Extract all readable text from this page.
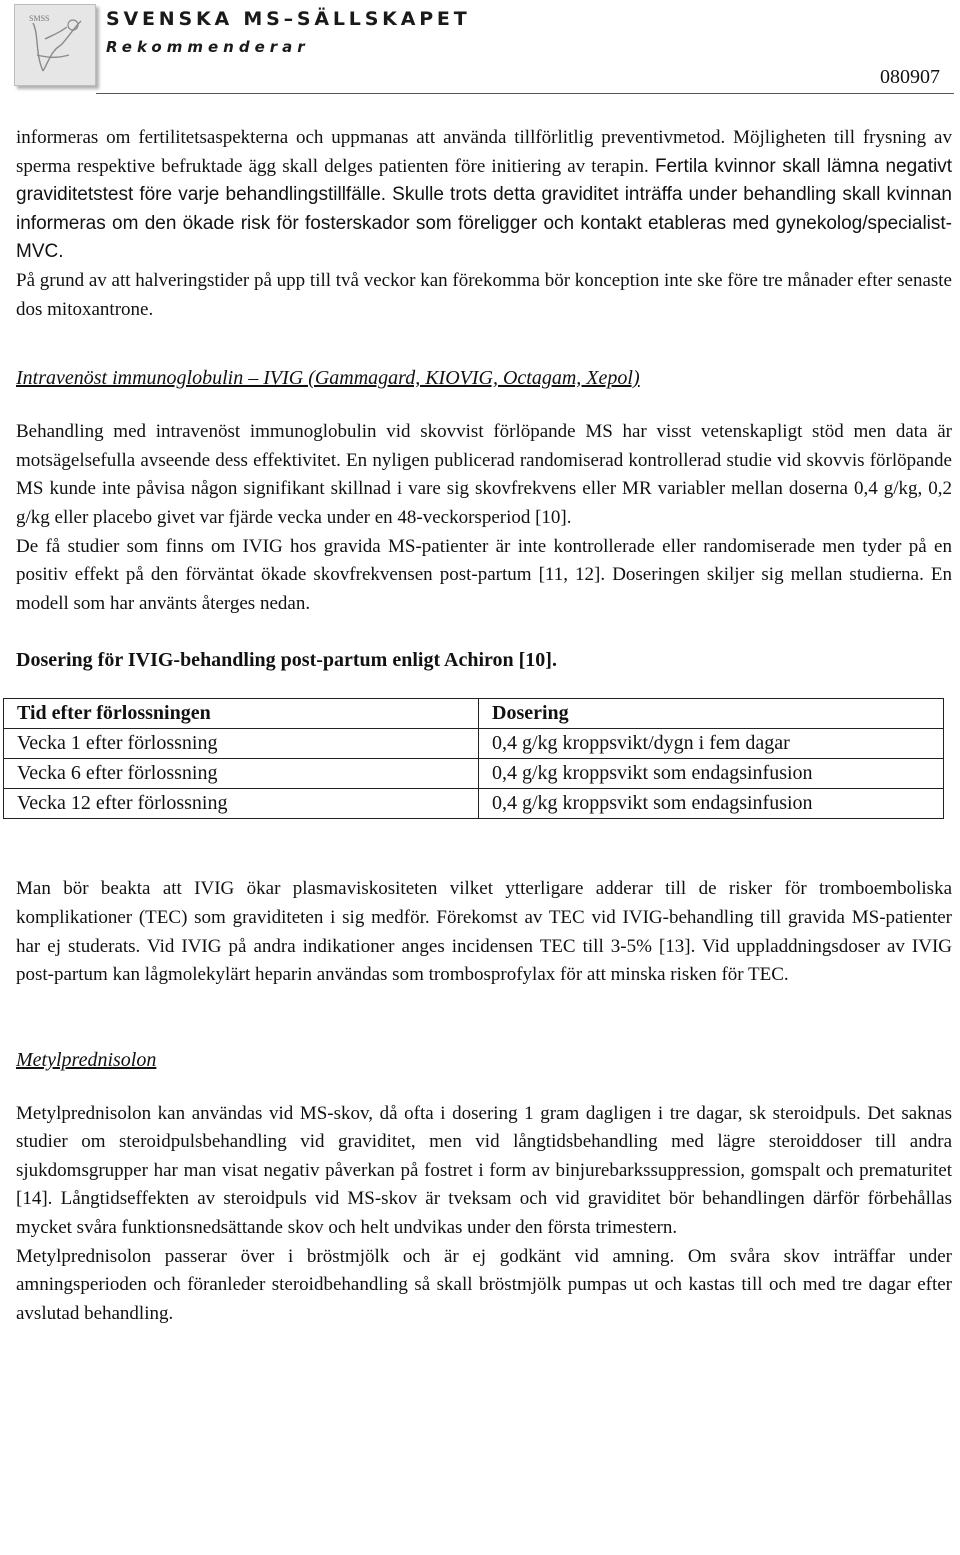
SMSS	SVENSKA MS–SÄLLSKAPET
Rekommenderar
080907

informeras om fertilitetsaspekterna och uppmanas att använda tillförlitlig preventivmetod. Möjligheten till frysning av sperma respektive befruktade ägg skall delges patienten före initiering av terapin. Fertila kvinnor skall lämna negativt graviditetstest före varje behandlingstillfälle. Skulle trots detta graviditet inträffa under behandling skall kvinnan informeras om den ökade risk för fosterskador som föreligger och kontakt etableras med gynekolog/specialist-MVC.

På grund av att halveringstider på upp till två veckor kan förekomma bör konception inte ske före tre månader efter senaste dos mitoxantrone.

Intravenöst immunoglobulin – IVIG (Gammagard, KIOVIG, Octagam, Xepol)

Behandling med intravenöst immunoglobulin vid skovvist förlöpande MS har visst vetenskapligt stöd men data är motsägelsefulla avseende dess effektivitet. En nyligen publicerad randomiserad kontrollerad studie vid skovvis förlöpande MS kunde inte påvisa någon signifikant skillnad i vare sig skovfrekvens eller MR variabler mellan doserna 0,4 g/kg, 0,2 g/kg eller placebo givet var fjärde vecka under en 48-veckorsperiod [10].

De få studier som finns om IVIG hos gravida MS-patienter är inte kontrollerade eller randomiserade men tyder på en positiv effekt på den förväntat ökade skovfrekvensen post-partum [11, 12]. Doseringen skiljer sig mellan studierna. En modell som har använts återges nedan.

Dosering för IVIG-behandling post-partum enligt Achiron [10].
Tid efter förlossningen	Dosering
Vecka 1 efter förlossning	0,4 g/kg kroppsvikt/dygn i fem dagar
Vecka 6 efter förlossning	0,4 g/kg kroppsvikt som endagsinfusion
Vecka 12 efter förlossning	0,4 g/kg kroppsvikt som endagsinfusion

Man bör beakta att IVIG ökar plasmaviskositeten vilket ytterligare adderar till de risker för tromboemboliska komplikationer (TEC) som graviditeten i sig medför. Förekomst av TEC vid IVIG-behandling till gravida MS-patienter har ej studerats. Vid IVIG på andra indikationer anges incidensen TEC till 3-5% [13]. Vid uppladdningsdoser av IVIG post-partum kan lågmolekylärt heparin användas som trombosprofylax för att minska risken för TEC.

Metylprednisolon

Metylprednisolon kan användas vid MS-skov, då ofta i dosering 1 gram dagligen i tre dagar, sk steroidpuls. Det saknas studier om steroidpulsbehandling vid graviditet, men vid långtidsbehandling med lägre steroiddoser till andra sjukdomsgrupper har man visat negativ påverkan på fostret i form av binjurebarkssuppression, gomspalt och prematuritet [14]. Långtidseffekten av steroidpuls vid MS-skov är tveksam och vid graviditet bör behandlingen därför förbehållas mycket svåra funktionsnedsättande skov och helt undvikas under den första trimestern.

Metylprednisolon passerar över i bröstmjölk och är ej godkänt vid amning. Om svåra skov inträffar under amningsperioden och föranleder steroidbehandling så skall bröstmjölk pumpas ut och kastas till och med tre dagar efter avslutad behandling.
